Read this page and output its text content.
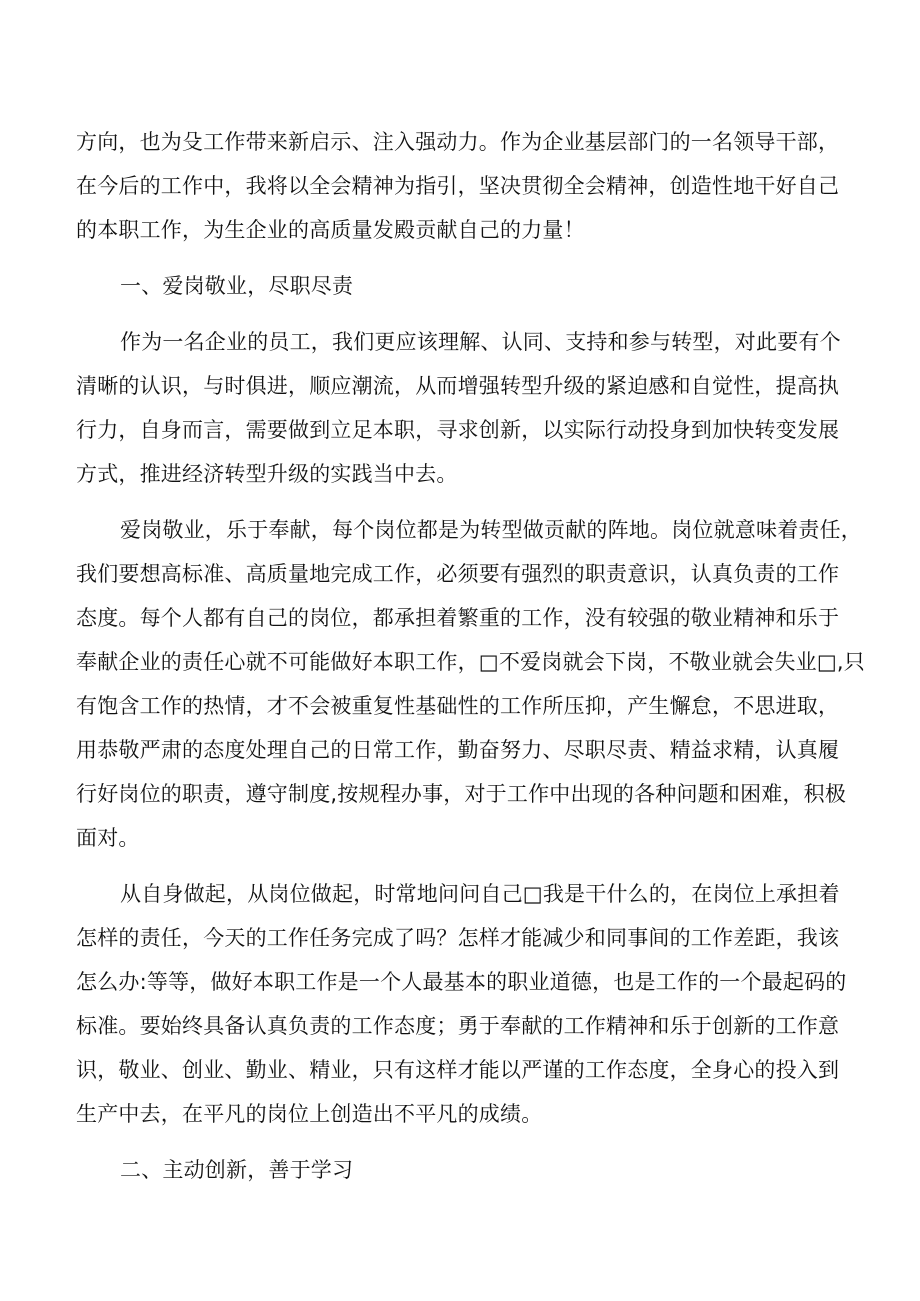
方向，也为殳工作带来新启示、注入强动力。作为企业基层部门的一名领导干部，
在今后的工作中，我将以全会精神为指引，坚决贯彻全会精神，创造性地干好自己
的本职工作，为生企业的高质量发殿贡献自己的力量！
一、爱岗敬业，尽职尽责
作为一名企业的员工，我们更应该理解、认同、支持和参与转型，对此要有个
清晰的认识，与时俱进，顺应潮流，从而增强转型升级的紧迫感和自觉性，提高执
行力，自身而言，需要做到立足本职，寻求创新，以实际行动投身到加快转变发展
方式，推进经济转型升级的实践当中去。
爱岗敬业，乐于奉献，每个岗位都是为转型做贡献的阵地。岗位就意味着责任，
我们要想高标准、高质量地完成工作，必须要有强烈的职责意识，认真负责的工作
态度。每个人都有自己的岗位，都承担着繁重的工作，没有较强的敬业精神和乐于
奉献企业的责任心就不可能做好本职工作，□不爱岗就会下岗，不敬业就会失业□,只
有饱含工作的热情，才不会被重复性基础性的工作所压抑，产生懈怠，不思进取，
用恭敬严肃的态度处理自己的日常工作，勤奋努力、尽职尽责、精益求精，认真履
行好岗位的职责，遵守制度,按规程办事，对于工作中出现的各种问题和困难，积极
面对。
从自身做起，从岗位做起，时常地问问自己□我是干什么的，在岗位上承担着
怎样的责任，今天的工作任务完成了吗？怎样才能减少和同事间的工作差距，我该
怎么办:等等，做好本职工作是一个人最基本的职业道德，也是工作的一个最起码的
标准。要始终具备认真负责的工作态度；勇于奉献的工作精神和乐于创新的工作意
识，敬业、创业、勤业、精业，只有这样才能以严谨的工作态度，全身心的投入到
生产中去，在平凡的岗位上创造出不平凡的成绩。
二、主动创新，善于学习
